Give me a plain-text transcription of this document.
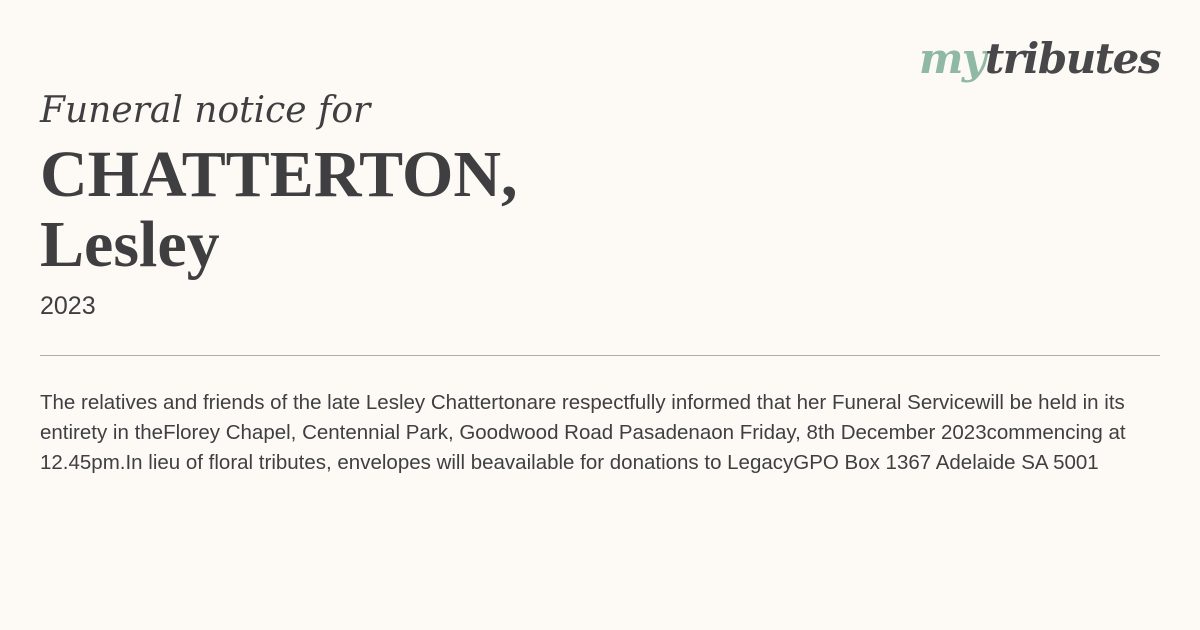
mytributes
Funeral notice for
CHATTERTON,
Lesley
2023

The relatives and friends of the late Lesley Chattertonare respectfully informed that her Funeral Servicewill be held in its entirety in theFlorey Chapel, Centennial Park, Goodwood Road Pasadenaon Friday, 8th December 2023commencing at 12.45pm.In lieu of floral tributes, envelopes will beavailable for donations to LegacyGPO Box 1367 Adelaide SA 5001
